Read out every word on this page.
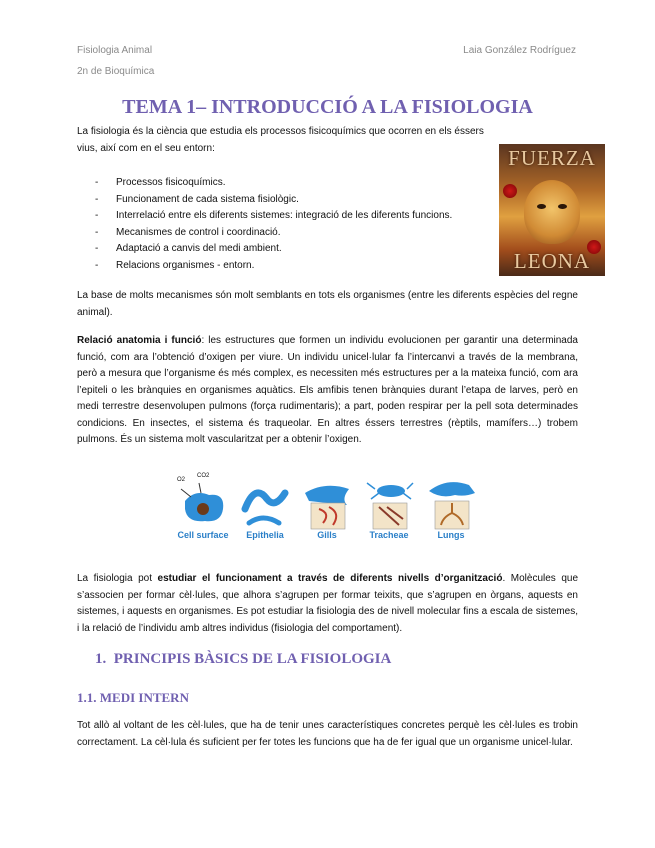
Fisiologia Animal
2n de Bioquímica
Laia González Rodríguez
TEMA 1– INTRODUCCIÓ A LA FISIOLOGIA
La fisiologia és la ciència que estudia els processos fisicoquímics que ocorren en els éssers vius, així com en el seu entorn:
- Processos fisicoquímics.
- Funcionament de cada sistema fisiològic.
- Interrelació entre els diferents sistemes: integració de les diferents funcions.
- Mecanismes de control i coordinació.
- Adaptació a canvis del medi ambient.
- Relacions organismes - entorn.
FUERZA
LEONA
La base de molts mecanismes són molt semblants en tots els organismes (entre les diferents espècies del regne animal).
Relació anatomia i funció: les estructures que formen un individu evolucionen per garantir una determinada funció, com ara l’obtenció d’oxigen per viure. Un individu unicel·lular fa l’intercanvi a través de la membrana, però a mesura que l’organisme és més complex, es necessiten més estructures per a la mateixa funció, com ara l’epiteli o les brànquies en organismes aquàtics. Els amfibis tenen brànquies durant l’etapa de larves, però en medi terrestre desenvolupen pulmons (força rudimentaris); a part, poden respirar per la pell sota determinades condicions. En insectes, el sistema és traqueolar. En altres éssers terrestres (rèptils, mamífers…) trobem pulmons. És un sistema molt vascularitzat per a obtenir l’oxigen.
O2
CO2
Cell surface	Epithelia	Gills	Tracheae	Lungs
La fisiologia pot estudiar el funcionament a través de diferents nivells d’organització. Molècules que s’associen per formar cèl·lules, que alhora s’agrupen per formar teixits, que s’agrupen en òrgans, aquests en sistemes, i aquests en organismes. Es pot estudiar la fisiologia des de nivell molecular fins a escala de sistemes, i la relació de l’individu amb altres individus (fisiologia del comportament).
1. PRINCIPIS BÀSICS DE LA FISIOLOGIA
1.1. MEDI INTERN
Tot allò al voltant de les cèl·lules, que ha de tenir unes característiques concretes perquè les cèl·lules es trobin correctament. La cèl·lula és suficient per fer totes les funcions que ha de fer igual que un organisme unicel·lular.
